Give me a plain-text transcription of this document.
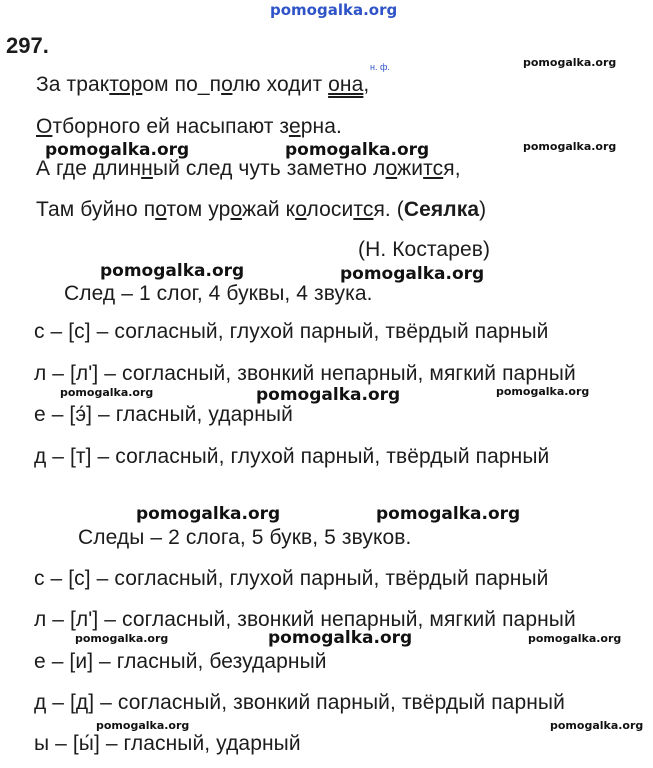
pomogalka.org
297.
н. ф.
За трактором по_полю ходит она,
Отборного ей насыпают зерна.
А где длинный след чуть заметно ложится,
Там буйно потом урожай колосится. (Сеялка)
(Н. Костарев)
След – 1 слог, 4 буквы, 4 звука.
с – [с] – согласный, глухой парный, твёрдый парный
л – [л'] – согласный, звонкий непарный, мягкий парный
е – [э́] – гласный, ударный
д – [т] – согласный, глухой парный, твёрдый парный
Следы – 2 слога, 5 букв, 5 звуков.
с – [с] – согласный, глухой парный, твёрдый парный
л – [л'] – согласный, звонкий непарный, мягкий парный
е – [и] – гласный, безударный
д – [д] – согласный, звонкий парный, твёрдый парный
ы – [ы́] – гласный, ударный
pomogalka.org
pomogalka.org	pomogalka.org	pomogalka.org
pomogalka.org	pomogalka.org
pomogalka.org	pomogalka.org	pomogalka.org
pomogalka.org	pomogalka.org
pomogalka.org	pomogalka.org	pomogalka.org
pomogalka.org	pomogalka.org
